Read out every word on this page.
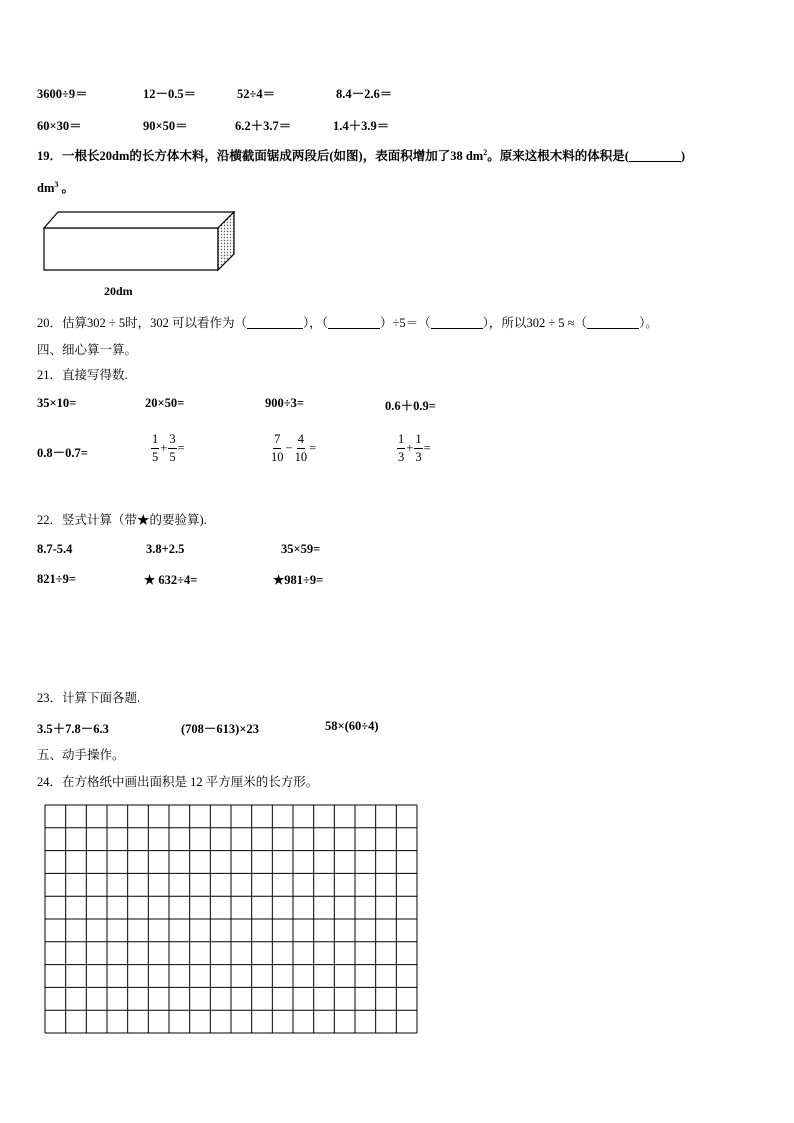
3600÷9＝	12－0.5＝	52÷4＝	8.4－2.6＝
60×30＝	90×50＝	6.2＋3.7＝	1.4＋3.9＝
19．一根长20dm的长方体木料，沿横截面锯成两段后(如图)，表面积增加了38 $dm^2$。原来这根木料的体积是(	)
$dm^3$ 。
20dm
20．估算302 ÷ 5时，302 可以看作为（	），（	）÷5＝（	），所以302 ÷ 5 ≈（	）。
四、细心算一算。
21．直接写得数.
35×10=	20×50=	900÷3=	0.6＋0.9=
0.8－0.7=	$\frac{1}{5} + \frac{3}{5}$ =	$\frac{7}{10} - \frac{4}{10}$ =	$\frac{1}{3} + \frac{1}{3}$ =
22．竖式计算（带★的要验算).
8.7-5.4	3.8+2.5	35×59=
821÷9=	★ 632÷4=	★981÷9=
23．计算下面各题.
3.5＋7.8－6.3	(708－613)×23	58×(60÷4)
五、动手操作。
24．在方格纸中画出面积是 12 平方厘米的长方形。
